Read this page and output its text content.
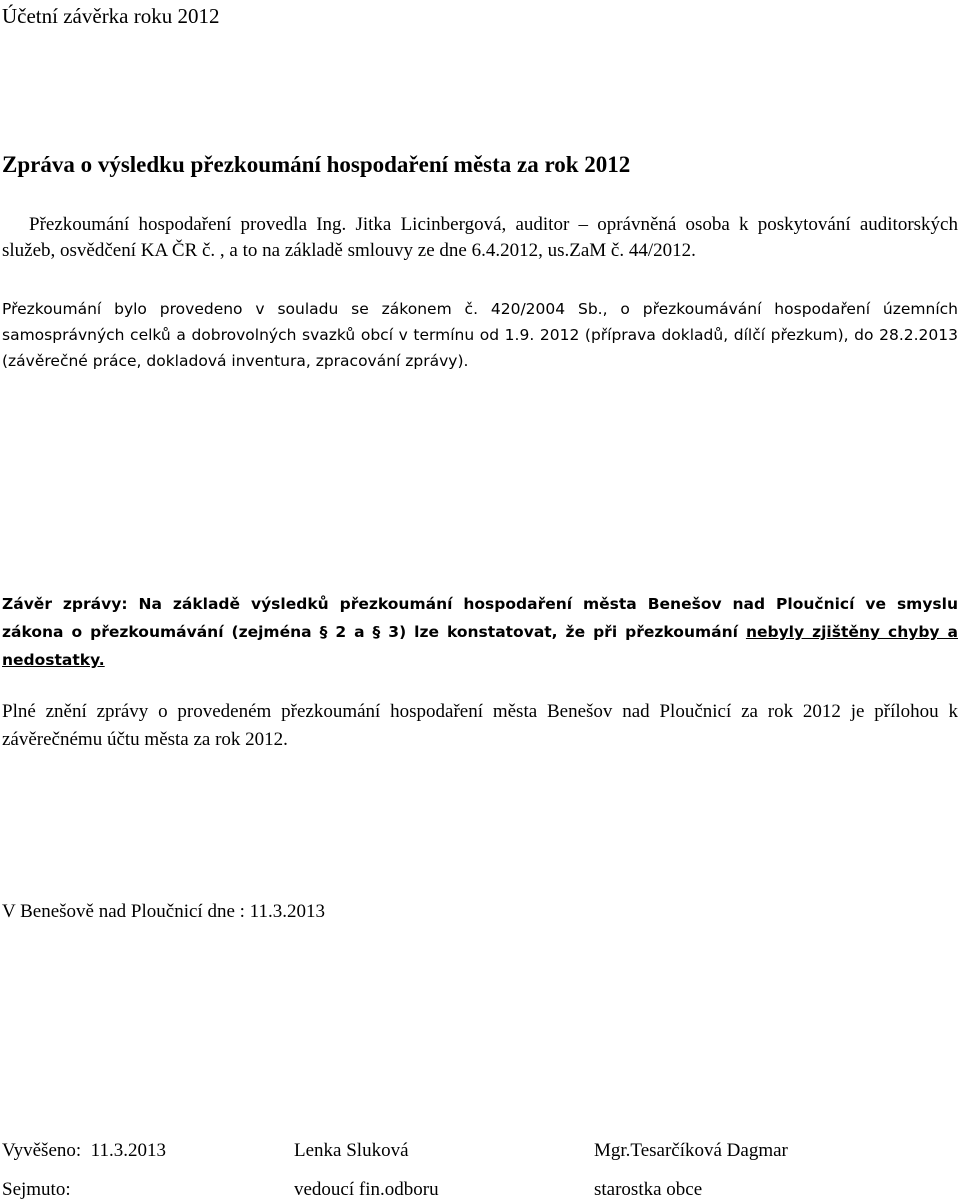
Účetní závěrka roku 2012
Zpráva o výsledku přezkoumání hospodaření města za rok 2012

Přezkoumání hospodaření provedla Ing. Jitka Licinbergová, auditor – oprávněná osoba k poskytování auditorských služeb, osvědčení KA ČR č. , a to na základě smlouvy ze dne 6.4.2012, us.ZaM č. 44/2012.

Přezkoumání bylo provedeno v souladu se zákonem č. 420/2004 Sb., o přezkoumávání hospodaření územních samosprávných celků a dobrovolných svazků obcí v termínu od 1.9. 2012 (příprava dokladů, dílčí přezkum), do 28.2.2013 (závěrečné práce, dokladová inventura, zpracování zprávy).

Závěr zprávy: Na základě výsledků přezkoumání hospodaření města Benešov nad Ploučnicí ve smyslu zákona o přezkoumávání (zejména § 2 a § 3) lze konstatovat, že při přezkoumání nebyly zjištěny chyby a nedostatky.

Plné znění zprávy o provedeném přezkoumání hospodaření města Benešov nad Ploučnicí za rok 2012 je přílohou k závěrečnému účtu města za rok 2012.

V Benešově nad Ploučnicí dne : 11.3.2013
Vyvěšeno: 11.3.2013	Lenka Sluková	Mgr.Tesarčíková Dagmar
Sejmuto:	vedoucí fin.odboru	starostka obce
